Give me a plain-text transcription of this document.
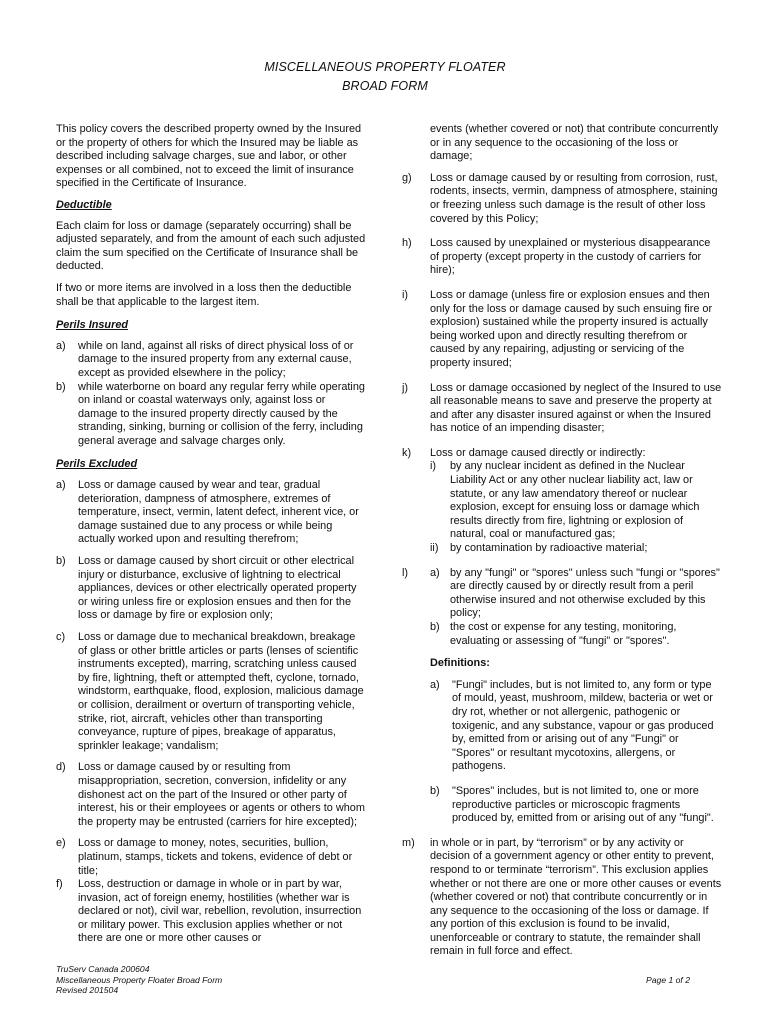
MISCELLANEOUS PROPERTY FLOATER
BROAD FORM

This policy covers the described property owned by the Insured or the property of others for which the Insured may be liable as described including salvage charges, sue and labor, or other expenses or all combined, not to exceed the limit of insurance specified in the Certificate of Insurance.

Deductible

Each claim for loss or damage (separately occurring) shall be adjusted separately, and from the amount of each such adjusted claim the sum specified on the Certificate of Insurance shall be deducted.

If two or more items are involved in a loss then the deductible shall be that applicable to the largest item.

Perils Insured

a)	while on land, against all risks of direct physical loss of or damage to the insured property from any external cause, except as provided elsewhere in the policy;
b)	while waterborne on board any regular ferry while operating on inland or coastal waterways only, against loss or damage to the insured property directly caused by the stranding, sinking, burning or collision of the ferry, including general average and salvage charges only.

Perils Excluded

a)	Loss or damage caused by wear and tear, gradual deterioration, dampness of atmosphere, extremes of temperature, insect, vermin, latent defect, inherent vice, or damage sustained due to any process or while being actually worked upon and resulting therefrom;
b)	Loss or damage caused by short circuit or other electrical injury or disturbance, exclusive of lightning to electrical appliances, devices or other electrically operated property or wiring unless fire or explosion ensues and then for the loss or damage by fire or explosion only;
c)	Loss or damage due to mechanical breakdown, breakage of glass or other brittle articles or parts (lenses of scientific instruments excepted), marring, scratching unless caused by fire, lightning, theft or attempted theft, cyclone, tornado, windstorm, earthquake, flood, explosion, malicious damage or collision, derailment or overturn of transporting vehicle, strike, riot, aircraft, vehicles other than transporting conveyance, rupture of pipes, breakage of apparatus, sprinkler leakage; vandalism;
d)	Loss or damage caused by or resulting from misappropriation, secretion, conversion, infidelity or any dishonest act on the part of the Insured or other party of interest, his or their employees or agents or others to whom the property may be entrusted (carriers for hire excepted);
e)	Loss or damage to money, notes, securities, bullion, platinum, stamps, tickets and tokens, evidence of debt or title;
f)	Loss, destruction or damage in whole or in part by war, invasion, act of foreign enemy, hostilities (whether war is declared or not), civil war, rebellion, revolution, insurrection or military power. This exclusion applies whether or not there are one or more other causes or

events (whether covered or not) that contribute concurrently or in any sequence to the occasioning of the loss or damage;

g)	Loss or damage caused by or resulting from corrosion, rust, rodents, insects, vermin, dampness of atmosphere, staining or freezing unless such damage is the result of other loss covered by this Policy;
h)	Loss caused by unexplained or mysterious disappearance of property (except property in the custody of carriers for hire);
i)	Loss or damage (unless fire or explosion ensues and then only for the loss or damage caused by such ensuing fire or explosion) sustained while the property insured is actually being worked upon and directly resulting therefrom or caused by any repairing, adjusting or servicing of the property insured;
j)	Loss or damage occasioned by neglect of the Insured to use all reasonable means to save and preserve the property at and after any disaster insured against or when the Insured has notice of an impending disaster;
k)	Loss or damage caused directly or indirectly:
i)	by any nuclear incident as defined in the Nuclear Liability Act or any other nuclear liability act, law or statute, or any law amendatory thereof or nuclear explosion, except for ensuing loss or damage which results directly from fire, lightning or explosion of natural, coal or manufactured gas;
ii)	by contamination by radioactive material;
l)	a) by any "fungi" or "spores" unless such "fungi or "spores" are directly caused by or directly result from a peril otherwise insured and not otherwise excluded by this policy;
b) the cost or expense for any testing, monitoring, evaluating or assessing of "fungi" or "spores".

Definitions:

a)	"Fungi" includes, but is not limited to, any form or type of mould, yeast, mushroom, mildew, bacteria or wet or dry rot, whether or not allergenic, pathogenic or toxigenic, and any substance, vapour or gas produced by, emitted from or arising out of any "Fungi" or "Spores" or resultant mycotoxins, allergens, or pathogens.
b)	"Spores" includes, but is not limited to, one or more reproductive particles or microscopic fragments produced by, emitted from or arising out of any "fungi".
m)	in whole or in part, by “terrorism” or by any activity or decision of a government agency or other entity to prevent, respond to or terminate “terrorism”. This exclusion applies whether or not there are one or more other causes or events (whether covered or not) that contribute concurrently or in any sequence to the occasioning of the loss or damage. If any portion of this exclusion is found to be invalid, unenforceable or contrary to statute, the remainder shall remain in full force and effect.
TruServ Canada 200604
Miscellaneous Property Floater Broad Form
Revised 201504
Page 1 of 2
